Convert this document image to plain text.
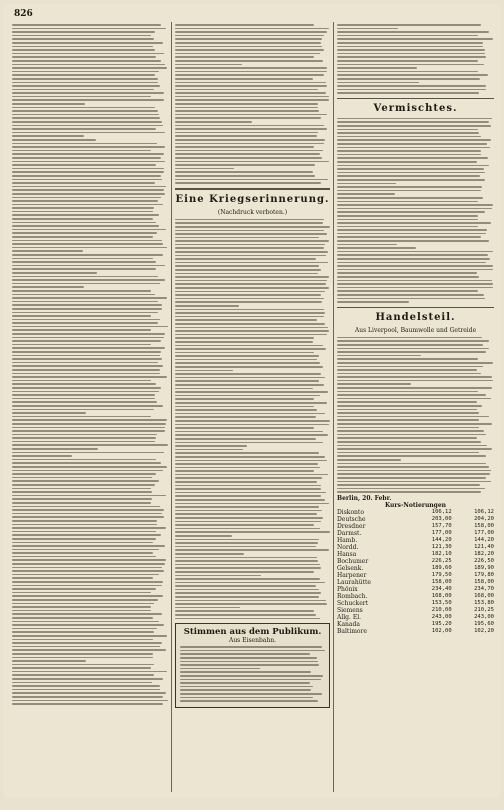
826
Eine Kriegserinnerung.
(Nachdruck verboten.)
Stimmen aus dem Publikum.
Aus Eisenbahn.
Vermischtes.
Handelsteil.
Aus Liverpool, Baumwolle und Getreide
Berlin, 20. Febr.
Kurs-Notierungen
Diskonto	106,12	106,12
Deutsche	203,00	204,20
Dresdner	157,70	158,00
Darmst.	177,00	177,00
Hamb.	144,20	144,20
Nordd.	121,30	121,40
Hansa	182,10	182,20
Bochumer	226,25	226,50
Gelsenk.	189,60	189,90
Harpener	179,50	179,80
Laurahütte	158,00	158,00
Phönix	234,40	234,70
Rombach.	168,00	168,00
Schuckert	153,50	153,80
Siemens	210,00	210,25
Allg. El.	243,00	243,00
Kanada	195,20	195,60
Baltimore	102,00	102,20
